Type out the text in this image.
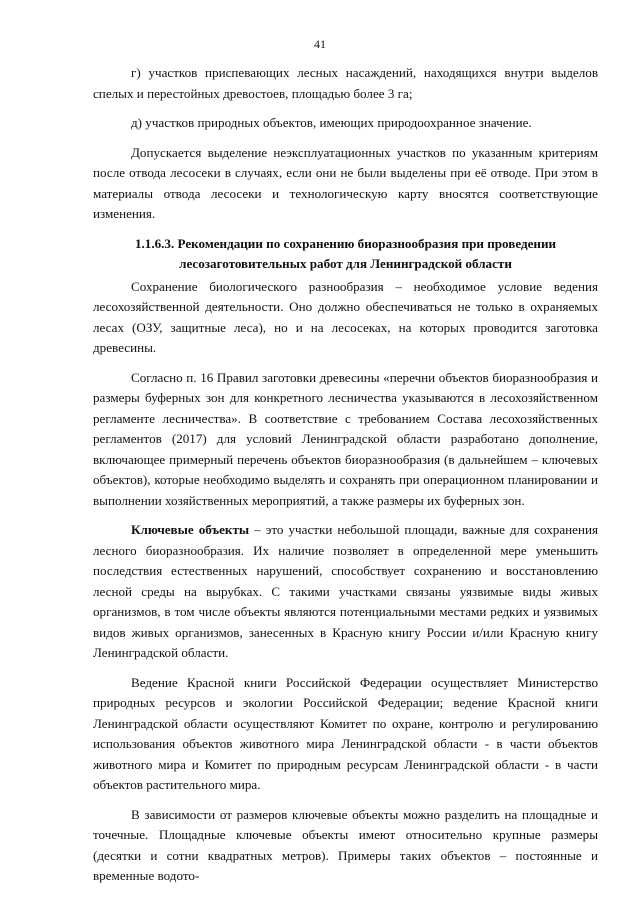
41

г) участков приспевающих лесных насаждений, находящихся внутри выделов спелых и перестойных древостоев, площадью более 3 га;

д) участков природных объектов, имеющих природоохранное значение.

Допускается выделение неэксплуатационных участков по указанным критериям после отвода лесосеки в случаях, если они не были выделены при её отводе. При этом в материалы отвода лесосеки и технологическую карту вносятся соответствующие изменения.

1.1.6.3. Рекомендации по сохранению биоразнообразия при проведении лесозаготовительных работ для Ленинградской области

Сохранение биологического разнообразия – необходимое условие ведения лесохозяйственной деятельности. Оно должно обеспечиваться не только в охраняемых лесах (ОЗУ, защитные леса), но и на лесосеках, на которых проводится заготовка древесины.

Согласно п. 16 Правил заготовки древесины «перечни объектов биоразнообразия и размеры буферных зон для конкретного лесничества указываются в лесохозяйственном регламенте лесничества». В соответствие с требованием Состава лесохозяйственных регламентов (2017) для условий Ленинградской области разработано дополнение, включающее примерный перечень объектов биоразнообразия (в дальнейшем – ключевых объектов), которые необходимо выделять и сохранять при операционном планировании и выполнении хозяйственных мероприятий, а также размеры их буферных зон.

Ключевые объекты – это участки небольшой площади, важные для сохранения лесного биоразнообразия. Их наличие позволяет в определенной мере уменьшить последствия естественных нарушений, способствует сохранению и восстановлению лесной среды на вырубках. С такими участками связаны уязвимые виды живых организмов, в том числе объекты являются потенциальными местами редких и уязвимых видов живых организмов, занесенных в Красную книгу России и/или Красную книгу Ленинградской области.

Ведение Красной книги Российской Федерации осуществляет Министерство природных ресурсов и экологии Российской Федерации; ведение Красной книги Ленинградской области осуществляют Комитет по охране, контролю и регулированию использования объектов животного мира Ленинградской области - в части объектов животного мира и Комитет по природным ресурсам Ленинградской области - в части объектов растительного мира.

В зависимости от размеров ключевые объекты можно разделить на площадные и точечные. Площадные ключевые объекты имеют относительно крупные размеры (десятки и сотни квадратных метров). Примеры таких объектов – постоянные и временные водото-
